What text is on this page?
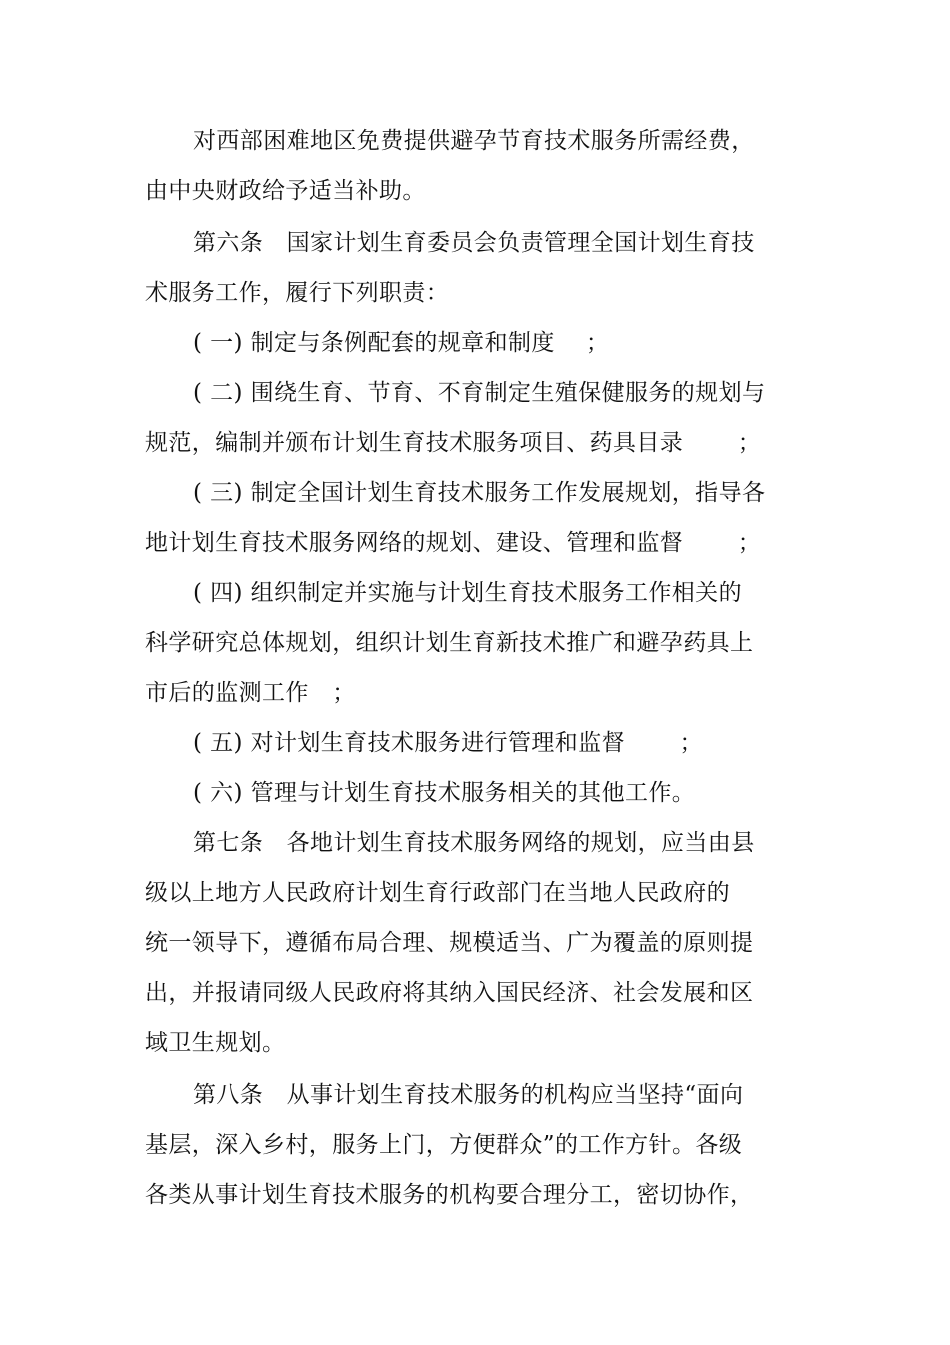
对西部困难地区免费提供避孕节育技术服务所需经费，
由中央财政给予适当补助。
第六条　国家计划生育委员会负责管理全国计划生育技
术服务工作，履行下列职责：
( 一) 制定与条例配套的规章和制度　 ；
( 二) 围绕生育、节育、不育制定生殖保健服务的规划与
规范，编制并颁布计划生育技术服务项目、药具目录　　 ；
( 三) 制定全国计划生育技术服务工作发展规划，指导各
地计划生育技术服务网络的规划、建设、管理和监督　　 ；
( 四) 组织制定并实施与计划生育技术服务工作相关的
科学研究总体规划，组织计划生育新技术推广和避孕药具上
市后的监测工作　；
( 五) 对计划生育技术服务进行管理和监督　　 ；
( 六) 管理与计划生育技术服务相关的其他工作。
第七条　各地计划生育技术服务网络的规划，应当由县
级以上地方人民政府计划生育行政部门在当地人民政府的
统一领导下，遵循布局合理、规模适当、广为覆盖的原则提
出，并报请同级人民政府将其纳入国民经济、社会发展和区
域卫生规划。
第八条　从事计划生育技术服务的机构应当坚持“面向
基层，深入乡村，服务上门，方便群众”的工作方针。各级
各类从事计划生育技术服务的机构要合理分工，密切协作，
